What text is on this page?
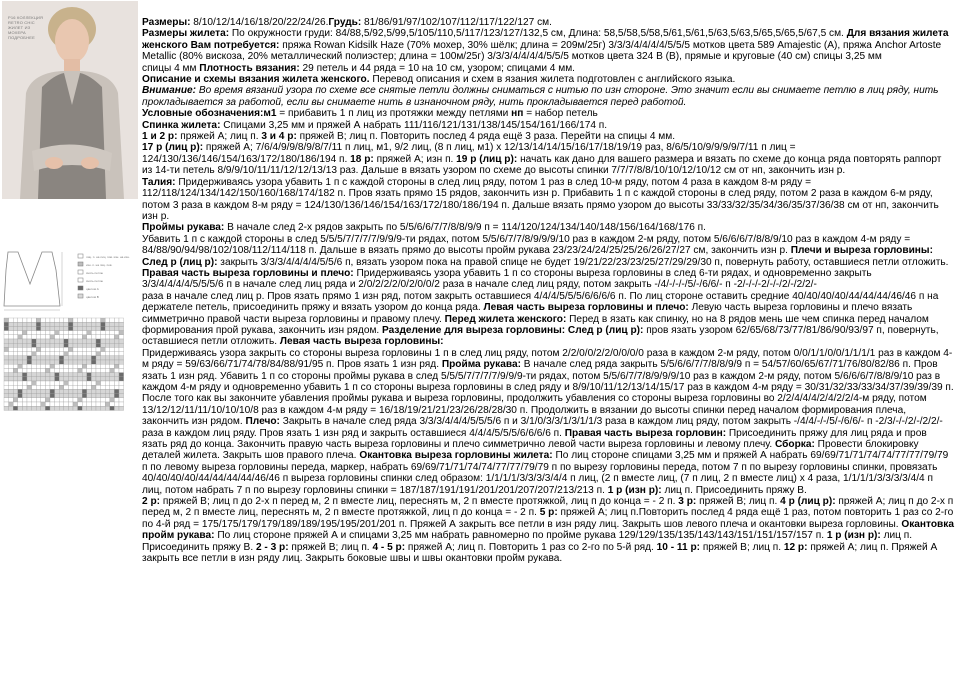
Р16 КОЛЛЕКЦИЯ
RETRO CHIC
ЖИЛЕТ ИЗ МОХЕРА
ПОДРОБНЕЕ
лиц. п. на лиц. пов. изн. на изн.
изн. п. на лиц. пов.
снять петлю
снять петлю
цветом А
цветом В

Размеры: 8/10/12/14/16/18/20/22/24/26.Грудь: 81/86/91/97/102/107/112/117/122/127 см.

Размеры жилета: По окружности груди: 84/88,5/92,5/99,5/105/110,5/117/123/127/132,5 см, Длина: 58,5/58,5/58,5/61,5/61,5/63,5/63,5/65,5/65,5/67,5 см. Для вязания жилета женского Вам потребуется: пряжа Rowan Kidsilk Haze (70% мохер, 30% шёлк; длина = 209м/25г) 3/3/3/4/4/4/4/5/5/5 мотков цвета 589 Amajestic (A), пряжа Anchor Artoste Metallic (80% вискоза, 20% металлический полиэстер; длина = 100м/25г) 3/3/3/4/4/4/4/5/5/5 мотков цвета 324 B (B), прямые и круговые (40 см) спицы 3,25 мм

спицы 4 мм Плотность вязания: 29 петель и 44 ряда = 10 на 10 см, узором; спицами 4 мм.

Описание и схемы вязания жилета женского. Перевод описания и схем в язания жилета подготовлен с английского языка.

Внимание: Во время вязаний узора по схеме все снятые петли должны сниматься с нитью по изн стороне. Это значит если вы снимаете петлю в лиц ряду, нить прокладывается за работой, если вы снимаете нить в изнаночном ряду, нить прокладывается перед работой.

Условные обозначения:м1 = прибавить 1 п лиц из протяжки между петлями нп = набор петель

Спинка жилета: Спицами 3,25 мм и пряжей А набрать 111/116/121/131/138/145/154/161/166/174 п.

1 и 2 р: пряжей А; лиц п. 3 и 4 р: пряжей В; лиц п. Повторить послед 4 ряда ещё 3 раза. Перейти на спицы 4 мм.

17 р (лиц р): пряжей А; 7/6/4/9/9/8/9/8/7/11 п лиц, м1, 9/2 лиц, (8 п лиц, м1) x 12/13/14/14/15/16/17/18/19/19 раз, 8/6/5/10/9/9/9/9/7/11 п лиц = 124/130/136/146/154/163/172/180/186/194 п. 18 р: пряжей А; изн п. 19 р (лиц р): начать как дано для вашего размера и вязать по схеме до конца ряда повторять раппорт из 14-ти петель 8/9/9/10/11/11/12/12/13/13 раз. Дальше в вязать узором по схеме до высоты спинки 7/7/7/8/8/10/10/12/10/12 см от нп, закончить изн р.

Талия: Придерживаясь узора убавить 1 п с каждой стороны в след лиц ряду, потом 1 раз в след 10-м ряду, потом 4 раза в каждом 8-м ряду = 112/118/124/134/142/150/160/168/174/182 п. Пров язать прямо 15 рядов, закончить изн р. Прибавить 1 п с каждой стороны в след ряду, потом 2 раза в каждом 6-м ряду, потом 3 раза в каждом 8-м ряду = 124/130/136/146/154/163/172/180/186/194 п. Дальше вязать прямо узором до высоты 33/33/32/35/34/36/35/37/36/38 см от нп, закончить изн р.

Проймы рукава: В начале след 2-х рядов закрыть по 5/5/6/6/7/7/8/8/9/9 п = 114/120/124/134/140/148/156/164/168/176 п.

Убавить 1 п с каждой стороны в след 5/5/5/7/7/7/7/9/9/9-ти рядах, потом 5/5/6/7/7/8/9/9/9/10 раз в каждом 2-м ряду, потом 5/6/6/6/7/8/8/9/10 раз в каждом 4-м ряду = 84/88/90/94/98/102/108/112/114/118 п. Дальше в вязать прямо до высоты пройм рукава 23/23/24/24/25/25/26/26/27/27 см, закончить изн р. Плечи и выреза горловины: След р (лиц р): закрыть 3/3/3/4/4/4/4/5/5/6 п, вязать узором пока на правой спице не будет 19/21/22/23/23/25/27/29/29/30 п, повернуть работу, оставшиеся петли отложить. Правая часть выреза горловины и плечо: Придерживаясь узора убавить 1 п со стороны выреза горловины в след 6-ти рядах, и одновременно закрыть 3/3/4/4/4/4/5/5/5/6 п в начале след лиц ряда и 2/0/2/2/2/0/2/0/0/2 раза в начале след лиц ряду, потом закрыть -/4/-/-/-/5/-/6/6/- п -2/-/-/-2/-/-/2/-/2/2/-

раза в начале след лиц р. Пров язать прямо 1 изн ряд, потом закрыть оставшиеся 4/4/4/5/5/5/6/6/6/6 п. По лиц стороне оставить средние 40/40/40/40/44/44/44/46/46 п на держателе петель, присоединить пряжу и вязать узором до конца ряда. Левая часть выреза горловины и плечо: Левую часть выреза горловины и плечо вязать симметрично правой части выреза горловины и правому плечу. Перед жилета женского: Перед в язать как спинку, но на 8 рядов мень ше чем спинка перед началом формирования прой рукава, закончить изн рядом. Разделение для выреза горловины: След р (лиц р): пров язать узором 62/65/68/73/77/81/86/90/93/97 п, повернуть, оставшиеся петли отложить. Левая часть выреза горловины:

Придерживаясь узора закрыть со стороны выреза горловины 1 п в след лиц ряду, потом 2/2/0/0/2/2/0/0/0/0 раза в каждом 2-м ряду, потом 0/0/1/1/0/0/1/1/1/1 раз в каждом 4-м ряду = 59/63/66/71/74/78/84/88/91/95 п. Пров язать 1 изн ряд. Пройма рукава: В начале след ряда закрыть 5/5/6/6/7/7/8/8/9/9 п = 54/57/60/65/67/71/76/80/82/86 п. Пров язать 1 изн ряд. Убавить 1 п со стороны проймы рукава в след 5/5/5/7/7/7/7/9/9/9-ти рядах, потом 5/5/6/7/7/8/9/9/9/10 раз в каждом 2-м ряду, потом 5/6/6/6/7/8/8/9/10 раз в каждом 4-м ряду и одновременно убавить 1 п со стороны выреза горловины в след ряду и 8/9/10/11/12/13/14/15/17 раз в каждом 4-м ряду = 30/31/32/33/33/34/37/39/39/39 п. После того как вы закончите убавления проймы рукава и выреза горловины, продолжить убавления со стороны выреза горловины во 2/2/4/4/4/2/4/2/2/4-м ряду, потом 13/12/12/11/11/10/10/10/8 раз в каждом 4-м ряду = 16/18/19/21/21/23/26/28/28/30 п. Продолжить в вязании до высоты спинки перед началом формирования плеча, закончить изн рядом. Плечо: Закрыть в начале след ряда 3/3/3/4/4/4/5/5/5/6 п и 3/1/0/3/3/1/3/1/1/3 раза в каждом лиц ряду, потом закрыть -/4/4/-/-/5/-/6/6/- п -2/3/-/-/2/-/2/2/- раза в каждом лиц ряду. Пров язать 1 изн ряд и закрыть оставшиеся 4/4/4/5/5/5/6/6/6/6 п. Правая часть выреза горловин: Присоединить пряжу для лиц ряда и пров язать ряд до конца. Закончить правую часть выреза горловины и плечо симметрично левой части выреза горловины и левому плечу. Сборка: Провести блокировку деталей жилета. Закрыть шов правого плеча. Окантовка выреза горловины жилета: По лиц стороне спицами 3,25 мм и пряжей А набрать 69/69/71/71/74/74/77/77/79/79 п по левому выреза горловины переда, маркер, набрать 69/69/71/71/74/74/77/77/79/79 п по вырезу горловины переда, потом 7 п по вырезу горловины спинки, провязать 40/40/40/40/44/44/44/44/46/46 п выреза горловины спинки след образом: 1/1/1/1/3/3/3/3/4/4 п лиц, (2 п вместе лиц, (7 п лиц, 2 п вместе лиц) х 4 раза, 1/1/1/1/3/3/3/3/4/4 п лиц, потом набрать 7 п по вырезу горловины спинки = 187/187/191/191/201/201/207/207/213/213 п. 1 р (изн р): лиц п. Присоединить пряжу В.

2 р: пряжей В; лиц п до 2-х п перед м, 2 п вместе лиц, переснять м, 2 п вместе протяжкой, лиц п до конца = - 2 п. 3 р: пряжей В; лиц п. 4 р (лиц р): пряжей А; лиц п до 2-х п перед м, 2 п вместе лиц, переснять м, 2 п вместе протяжкой, лиц п до конца = - 2 п. 5 р: пряжей А; лиц п.Повторить послед 4 ряда ещё 1 раз, потом повторить 1 раз со 2-го по 4-й ряд = 175/175/179/179/189/189/195/195/201/201 п. Пряжей А закрыть все петли в изн ряду лиц. Закрыть шов левого плеча и окантовки выреза горловины. Окантовка пройм рукава: По лиц стороне пряжей А и спицами 3,25 мм набрать равномерно по пройме рукава 129/129/135/135/143/143/151/151/157/157 п. 1 р (изн р): лиц п. Присоединить пряжу В. 2 - 3 р: пряжей В; лиц п. 4 - 5 р: пряжей А; лиц п. Повторить 1 раз со 2-го по 5-й ряд. 10 - 11 р: пряжей В; лиц п. 12 р: пряжей А; лиц п. Пряжей А закрыть все петли в изн ряду лиц. Закрыть боковые швы и швы окантовки пройм рукава.
